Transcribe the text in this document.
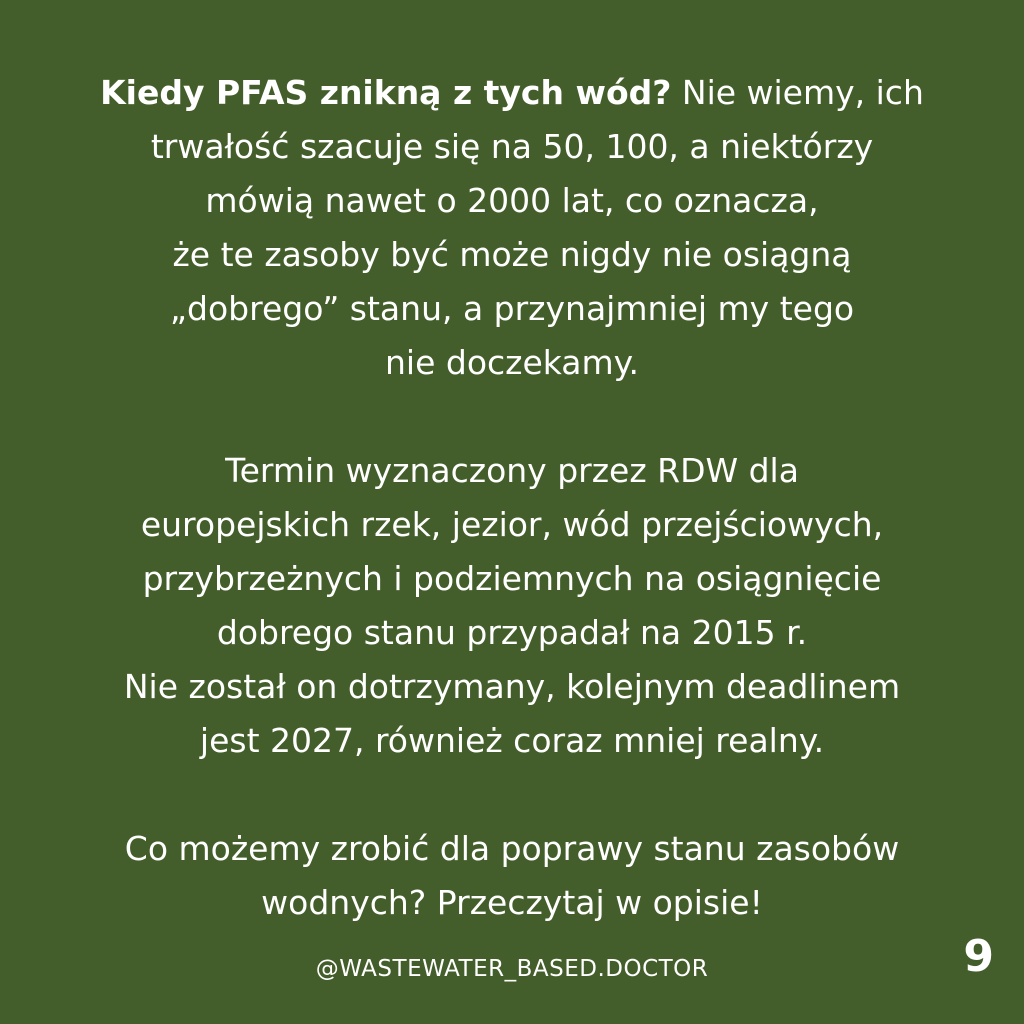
Kiedy PFAS znikną z tych wód? Nie wiemy, ich
trwałość szacuje się na 50, 100, a niektórzy
mówią nawet o 2000 lat, co oznacza,
że te zasoby być może nigdy nie osiągną
„dobrego” stanu, a przynajmniej my tego
nie doczekamy.

Termin wyznaczony przez RDW dla
europejskich rzek, jezior, wód przejściowych,
przybrzeżnych i podziemnych na osiągnięcie
dobrego stanu przypadał na 2015 r.
Nie został on dotrzymany, kolejnym deadlinem
jest 2027, również coraz mniej realny.

Co możemy zrobić dla poprawy stanu zasobów
wodnych? Przeczytaj w opisie!

@WASTEWATER_BASED.DOCTOR	9
